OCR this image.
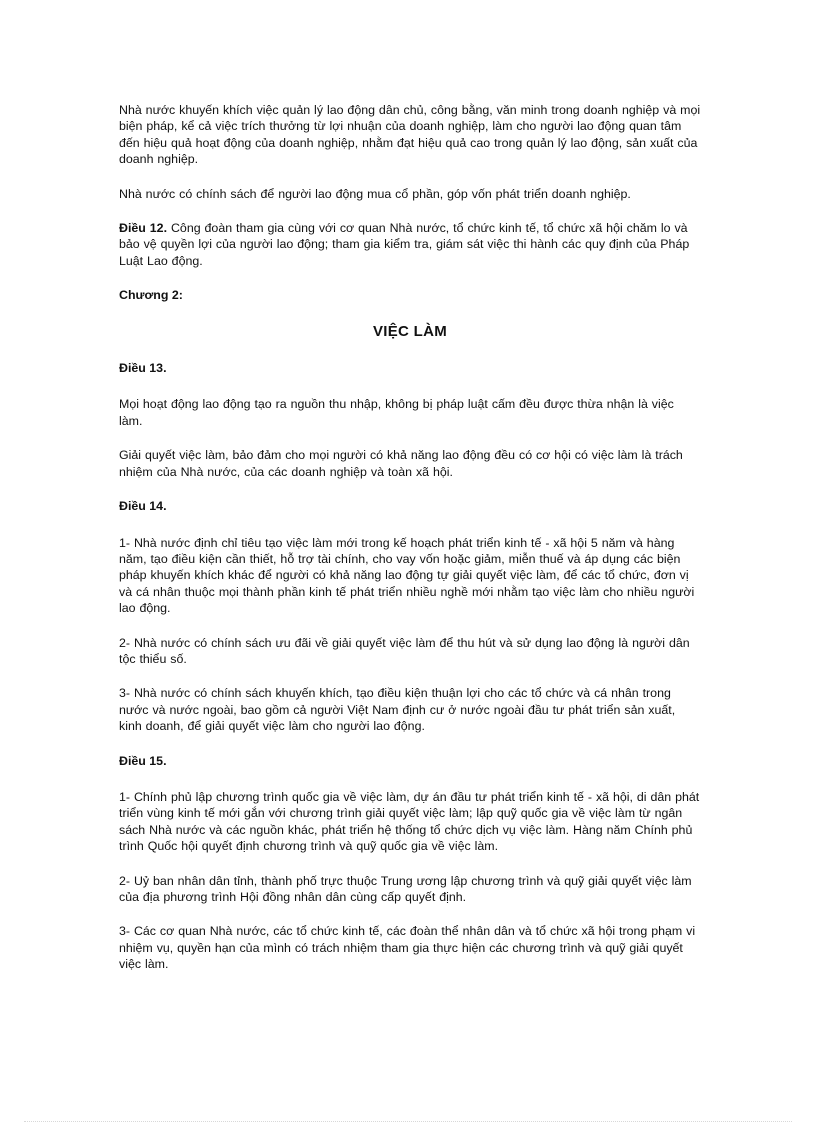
Nhà nước khuyến khích việc quản lý lao động dân chủ, công bằng, văn minh trong doanh nghiệp và mọi biện pháp, kể cả việc trích thưởng từ lợi nhuận của doanh nghiệp, làm cho người lao động quan tâm đến hiệu quả hoạt động của doanh nghiệp, nhằm đạt hiệu quả cao trong quản lý lao động, sản xuất của doanh nghiệp.

Nhà nước có chính sách để người lao động mua cổ phần, góp vốn phát triển doanh nghiệp.

Điều 12. Công đoàn tham gia cùng với cơ quan Nhà nước, tổ chức kinh tế, tổ chức xã hội chăm lo và bảo vệ quyền lợi của người lao động; tham gia kiểm tra, giám sát việc thi hành các quy định của Pháp Luật Lao động.

Chương 2:

VIỆC LÀM

Điều 13.

Mọi hoạt động lao động tạo ra nguồn thu nhập, không bị pháp luật cấm đều được thừa nhận là việc làm.

Giải quyết việc làm, bảo đảm cho mọi người có khả năng lao động đều có cơ hội có việc làm là trách nhiệm của Nhà nước, của các doanh nghiệp và toàn xã hội.

Điều 14.

1- Nhà nước định chỉ tiêu tạo việc làm mới trong kế hoạch phát triển kinh tế - xã hội 5 năm và hàng năm, tạo điều kiện cần thiết, hỗ trợ tài chính, cho vay vốn hoặc giảm, miễn thuế và áp dụng các biện pháp khuyến khích khác để người có khả năng lao động tự giải quyết việc làm, để các tổ chức, đơn vị và cá nhân thuộc mọi thành phần kinh tế phát triển nhiều nghề mới nhằm tạo việc làm cho nhiều người lao động.

2- Nhà nước có chính sách ưu đãi về giải quyết việc làm để thu hút và sử dụng lao động là người dân tộc thiểu số.

3- Nhà nước có chính sách khuyến khích, tạo điều kiện thuận lợi cho các tổ chức và cá nhân trong nước và nước ngoài, bao gồm cả người Việt Nam định cư ở nước ngoài đầu tư phát triển sản xuất, kinh doanh, để giải quyết việc làm cho người lao động.

Điều 15.

1- Chính phủ lập chương trình quốc gia về việc làm, dự án đầu tư phát triển kinh tế - xã hội, di dân phát triển vùng kinh tế mới gắn với chương trình giải quyết việc làm; lập quỹ quốc gia về việc làm từ ngân sách Nhà nước và các nguồn khác, phát triển hệ thống tổ chức dịch vụ việc làm. Hàng năm Chính phủ trình Quốc hội quyết định chương trình và quỹ quốc gia về việc làm.

2- Uỷ ban nhân dân tỉnh, thành phố trực thuộc Trung ương lập chương trình và quỹ giải quyết việc làm của địa phương trình Hội đồng nhân dân cùng cấp quyết định.

3- Các cơ quan Nhà nước, các tổ chức kinh tế, các đoàn thể nhân dân và tổ chức xã hội trong phạm vi nhiệm vụ, quyền hạn của mình có trách nhiệm tham gia thực hiện các chương trình và quỹ giải quyết việc làm.
